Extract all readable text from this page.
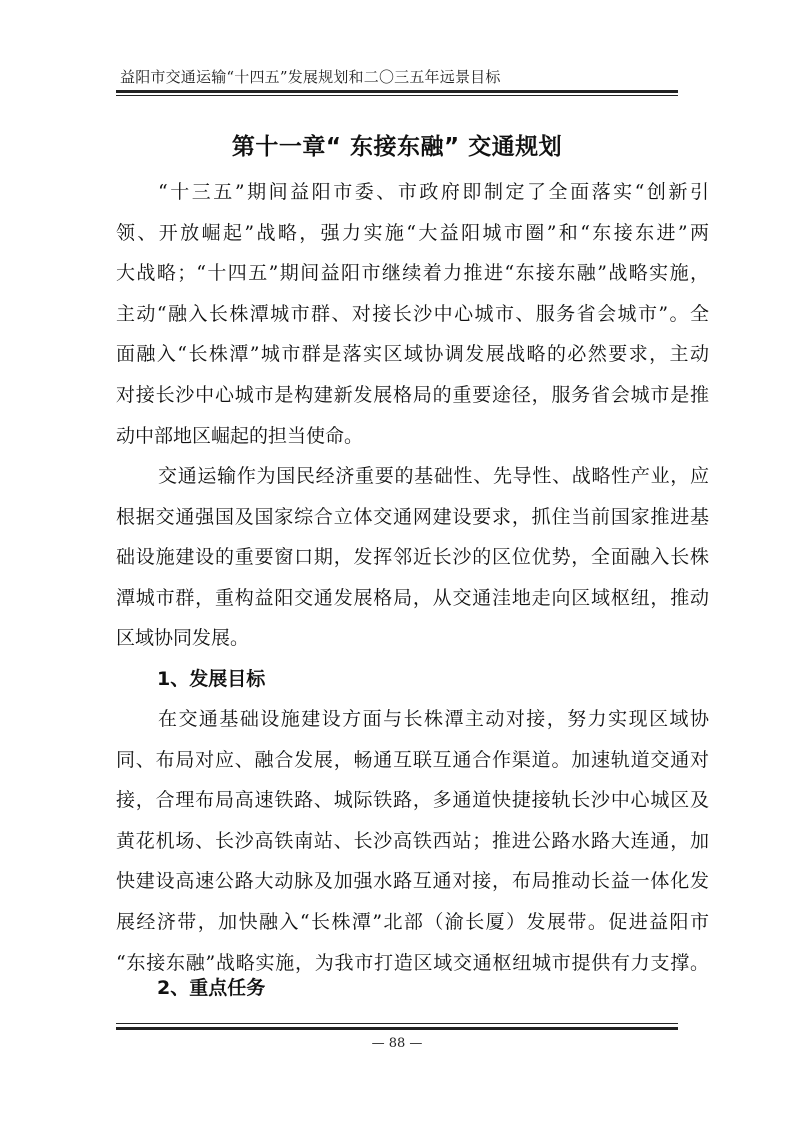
益阳市交通运输“十四五”发展规划和二〇三五年远景目标
第十一章“ 东接东融” 交通规划
“十三五”期间益阳市委、市政府即制定了全面落实“创新引
领、开放崛起”战略，强力实施“大益阳城市圈”和“东接东进”两
大战略；“十四五”期间益阳市继续着力推进“东接东融”战略实施，
主动“融入长株潭城市群、对接长沙中心城市、服务省会城市”。全
面融入“长株潭”城市群是落实区域协调发展战略的必然要求，主动
对接长沙中心城市是构建新发展格局的重要途径，服务省会城市是推
动中部地区崛起的担当使命。
交通运输作为国民经济重要的基础性、先导性、战略性产业，应
根据交通强国及国家综合立体交通网建设要求，抓住当前国家推进基
础设施建设的重要窗口期，发挥邻近长沙的区位优势，全面融入长株
潭城市群，重构益阳交通发展格局，从交通洼地走向区域枢纽，推动
区域协同发展。
1、发展目标
在交通基础设施建设方面与长株潭主动对接，努力实现区域协
同、布局对应、融合发展，畅通互联互通合作渠道。加速轨道交通对
接，合理布局高速铁路、城际铁路，多通道快捷接轨长沙中心城区及
黄花机场、长沙高铁南站、长沙高铁西站；推进公路水路大连通，加
快建设高速公路大动脉及加强水路互通对接，布局推动长益一体化发
展经济带，加快融入“长株潭”北部（渝长厦）发展带。促进益阳市
“东接东融”战略实施，为我市打造区域交通枢纽城市提供有力支撑。
2、重点任务
— 88 —
